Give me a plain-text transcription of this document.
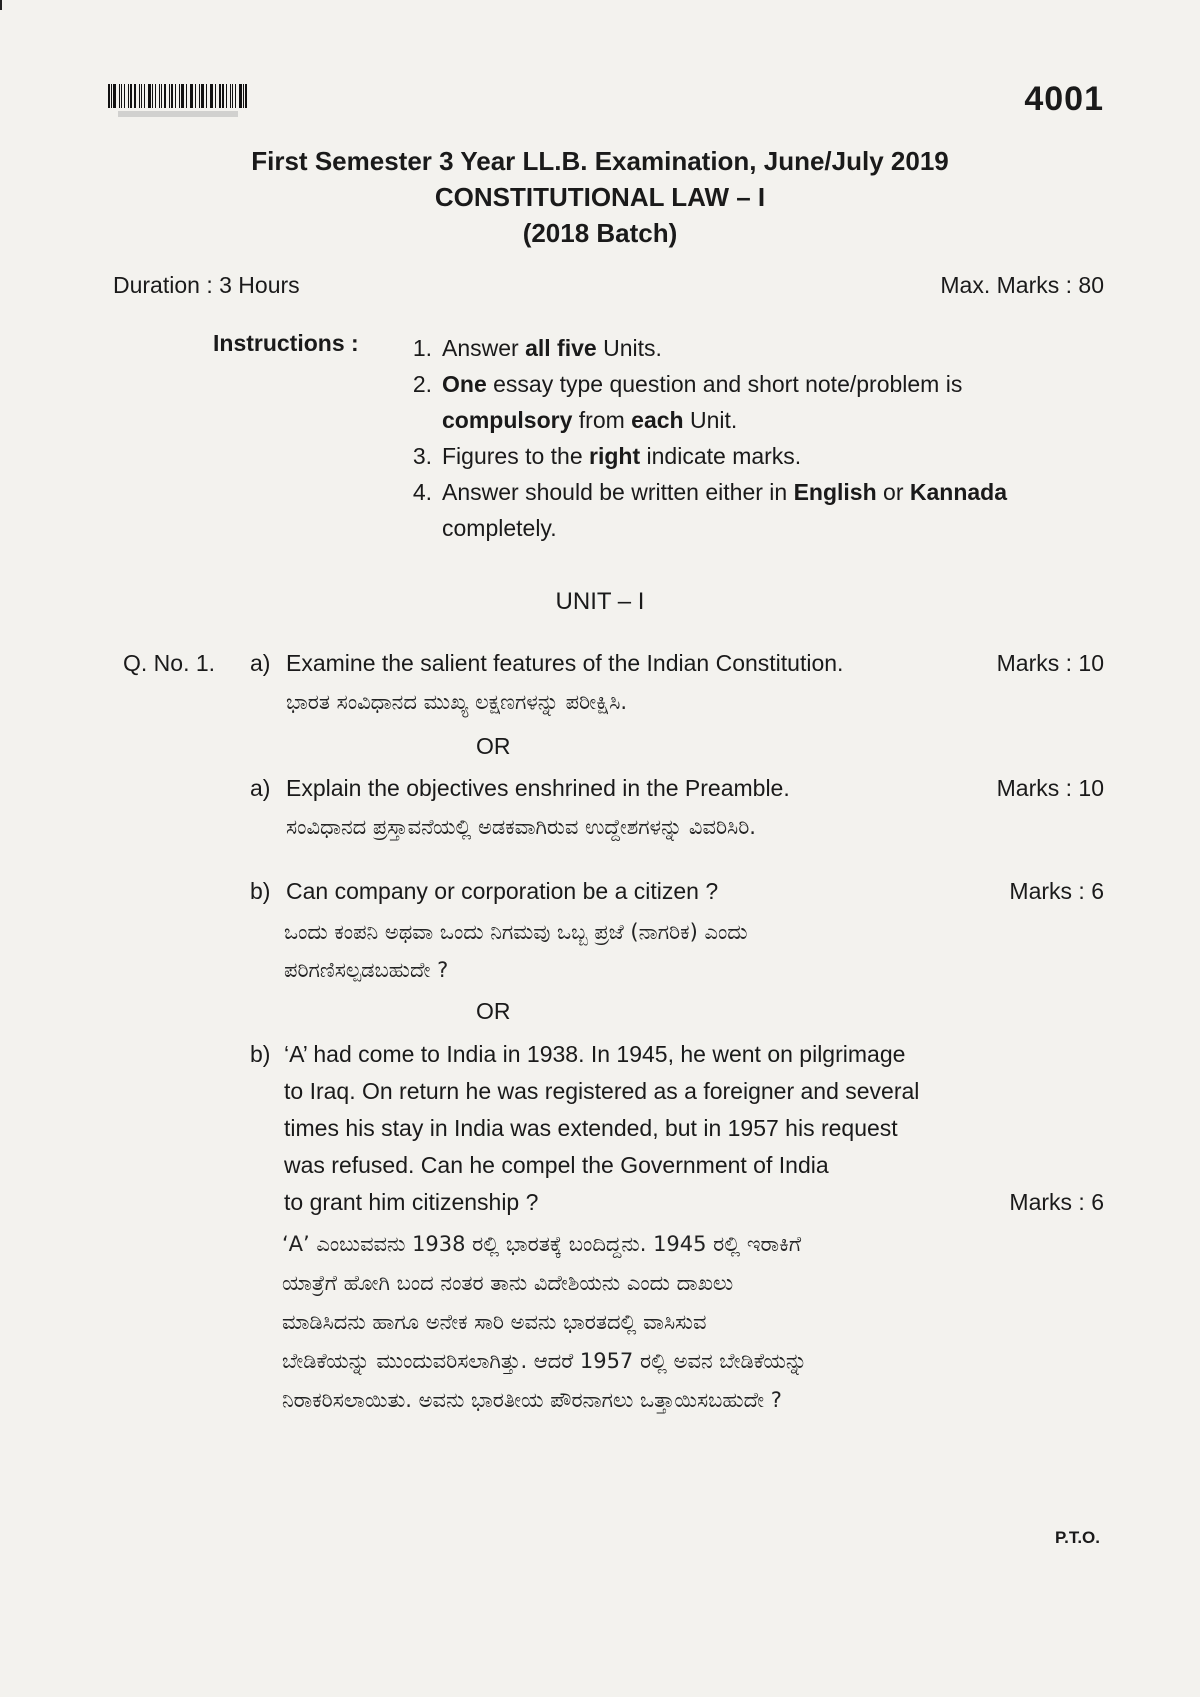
4001
First Semester 3 Year LL.B. Examination, June/July 2019
CONSTITUTIONAL LAW – I
(2018 Batch)
Duration : 3 Hours	Max. Marks : 80
Instructions :	1. Answer all five Units.
2. One essay type question and short note/problem is compulsory from each Unit.
3. Figures to the right indicate marks.
4. Answer should be written either in English or Kannada completely.
UNIT – I
Q. No. 1. a) Examine the salient features of the Indian Constitution.	Marks : 10
ಭಾರತ ಸಂವಿಧಾನದ ಮುಖ್ಯ ಲಕ್ಷಣಗಳನ್ನು ಪರೀಕ್ಷಿಸಿ.
OR
a) Explain the objectives enshrined in the Preamble.	Marks : 10
ಸಂವಿಧಾನದ ಪ್ರಸ್ತಾವನೆಯಲ್ಲಿ ಅಡಕವಾಗಿರುವ ಉದ್ದೇಶಗಳನ್ನು ವಿವರಿಸಿರಿ.
b) Can company or corporation be a citizen ?	Marks : 6
ಒಂದು ಕಂಪನಿ ಅಥವಾ ಒಂದು ನಿಗಮವು ಒಬ್ಬ ಪ್ರಜೆ (ನಾಗರಿಕ) ಎಂದು
ಪರಿಗಣಿಸಲ್ಪಡಬಹುದೇ ?
OR
b) ‘A’ had come to India in 1938. In 1945, he went on pilgrimage
to Iraq. On return he was registered as a foreigner and several
times his stay in India was extended, but in 1957 his request
was refused. Can he compel the Government of India
to grant him citizenship ?	Marks : 6
‘A’ ಎಂಬುವವನು 1938 ರಲ್ಲಿ ಭಾರತಕ್ಕೆ ಬಂದಿದ್ದನು. 1945 ರಲ್ಲಿ ಇರಾಕಿಗೆ
ಯಾತ್ರೆಗೆ ಹೋಗಿ ಬಂದ ನಂತರ ತಾನು ವಿದೇಶಿಯನು ಎಂದು ದಾಖಲು
ಮಾಡಿಸಿದನು ಹಾಗೂ ಅನೇಕ ಸಾರಿ ಅವನು ಭಾರತದಲ್ಲಿ ವಾಸಿಸುವ
ಬೇಡಿಕೆಯನ್ನು ಮುಂದುವರಿಸಲಾಗಿತ್ತು. ಆದರೆ 1957 ರಲ್ಲಿ ಅವನ ಬೇಡಿಕೆಯನ್ನು
ನಿರಾಕರಿಸಲಾಯಿತು. ಅವನು ಭಾರತೀಯ ಪೌರನಾಗಲು ಒತ್ತಾಯಿಸಬಹುದೇ ?
P.T.O.
